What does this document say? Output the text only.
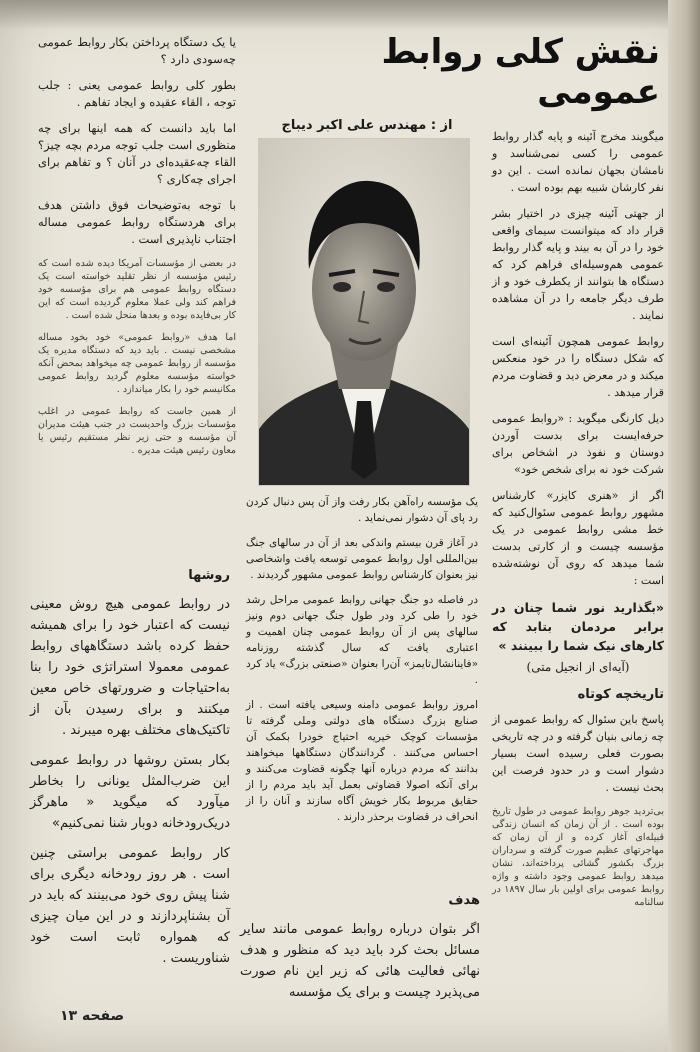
نقش کلی روابط عمومی
از : مهندس علی اکبر دیباج

یا یک دستگاه پرداختن بکار روابط عمومی چه‌سودی دارد ؟

بطور کلی روابط عمومی یعنی : جلب توجه ، القاء عقیده و ایجاد تفاهم .

اما باید دانست که همه اینها برای چه منظوری است جلب توجه مردم بچه چیز؟ القاء چه‌عقیده‌ای در آنان ؟ و تفاهم برای اجرای چه‌کاری ؟

با توجه به‌توضیحات فوق داشتن هدف برای هردستگاه روابط عمومی مساله اجتناب ناپذیری است .

در بعضی از مؤسسات آمریکا دیده شده است که رئیس مؤسسه از نظر تقلید خواسته است یک دستگاه روابط عمومی هم برای مؤسسه خود فراهم کند ولی عملا معلوم گردیده است که این کار بی‌فایده بوده و بعدها منحل شده است .

اما هدف «روابط عمومی» خود بخود مساله مشخصی نیست . باید دید که دستگاه مدیره یک مؤسسه از روابط عمومی چه میخواهد بمحض آنکه خواسته مؤسسه معلوم گردید روابط عمومی مکانیسم خود را بکار میاندازد .

از همین جاست که روابط عمومی در اغلب مؤسسات بزرگ واحدیست در جنب هیئت مدیران آن مؤسسه و حتی زیر نظر مستقیم رئیس یا معاون رئیس هیئت مدیره .

روشها

در روابط عمومی هیچ روش معینی نیست که اعتبار خود را برای همیشه حفظ کرده باشد دستگاههای روابط عمومی معمولا استراتژی خود را بنا به‌احتیاجات و ضرورتهای خاص معین میکنند و برای رسیدن بآن از تاکتیک‌های مختلف بهره میبرند .

بکار بستن روشها در روابط عمومی این ضرب‌المثل یونانی را بخاطر میآورد که میگوید « ماهرگز دریک‌رودخانه دوبار شنا نمی‌کنیم»

کار روابط عمومی براستی چنین است . هر روز رودخانه دیگری برای شنا پیش روی خود می‌بینند که باید در آن بشناپردازند و در این میان چیزی که همواره ثابت است خود شناوریست .

یک مؤسسه راه‌آهن بکار رفت واز آن پس دنبال کردن رد پای آن دشوار نمی‌نماید .

در آغاز قرن بیستم واندکی بعد از آن در سالهای جنگ بین‌المللی اول روابط عمومی توسعه یافت واشخاصی نیز بعنوان کارشناس روابط عمومی مشهور گردیدند .

در فاصله دو جنگ جهانی روابط عمومی مراحل رشد خود را طی کرد ودر طول جنگ جهانی دوم ونیز سالهای پس از آن روابط عمومی چنان اهمیت و اعتباری یافت که سال گذشته روزنامه «فاینانشال‌تایمز» آن‌را بعنوان «صنعتی بزرگ» یاد کرد .

امروز روابط عمومی دامنه وسیعی یافته است . از صنایع بزرگ دستگاه های دولتی وملی گرفته تا مؤسسات کوچک خیریه احتیاج خودرا بکمک آن احساس می‌کنند . گردانندگان دستگاهها میخواهند بدانند که مردم درباره آنها چگونه قضاوت می‌کنند و برای آنکه اصولا قضاوتی بعمل آید باید مردم را از حقایق مربوط بکار خویش آگاه سازند و آنان را از انحراف در قضاوت برحذر دارند .

هدف

اگر بتوان درباره روابط عمومی مانند سایر مسائل بحث کرد باید دید که منظور و هدف نهائی فعالیت هائی که زیر این نام صورت می‌پذیرد چیست و برای یک مؤسسه

میگویند مخرج آئینه و پایه گذار روابط عمومی را کسی نمی‌شناسد و نامشان بجهان نمانده است . این دو نفر کارشان شبیه بهم بوده است .

از جهتی آئینه چیزی در اختیار بشر قرار داد که میتوانست سیمای واقعی خود را در آن به بیند و پایه گذار روابط عمومی هم‌وسیله‌ای فراهم کرد که دستگاه ها بتوانند از یکطرف خود و از طرف دیگر جامعه را در آن مشاهده نمایند .

روابط عمومی همچون آئینه‌ای است که شکل دستگاه را در خود منعکس میکند و در معرض دید و قضاوت مردم قرار میدهد .

دیل کارنگی میگوید : «روابط عمومی حرفه‌ایست برای بدست آوردن دوستان و نفوذ در اشخاص برای شرکت خود نه برای شخص خود»

اگر از «هنری کایزر» کارشناس مشهور روابط عمومی سئوال‌کنید که خط مشی روابط عمومی در یک مؤسسه چیست و از کارتی بدست شما میدهد که روی آن نوشته‌شده است :

«بگذارید نور شما چنان در برابر مردمان بتابد که کارهای نیک شما را ببینند »
(آیه‌ای از انجیل متی)
تاریخچه کوتاه

پاسخ باین سئوال که روابط عمومی از چه زمانی بنیان گرفته و در چه تاریخی بصورت فعلی رسیده است بسیار دشوار است و در حدود فرصت این بحث نیست .

بی‌تردید جوهر روابط عمومی در طول تاریخ بوده است . از آن زمان که انسان زندگی قبیله‌ای آغاز کرده و از آن زمان که مهاجرتهای عظیم صورت گرفته و سرداران بزرگ بکشور گشائی پرداخته‌اند، نشان میدهد روابط عمومی وجود داشته و واژه روابط عمومی برای اولین بار سال ۱۸۹۷ در سالنامه

صفحه ۱۳
